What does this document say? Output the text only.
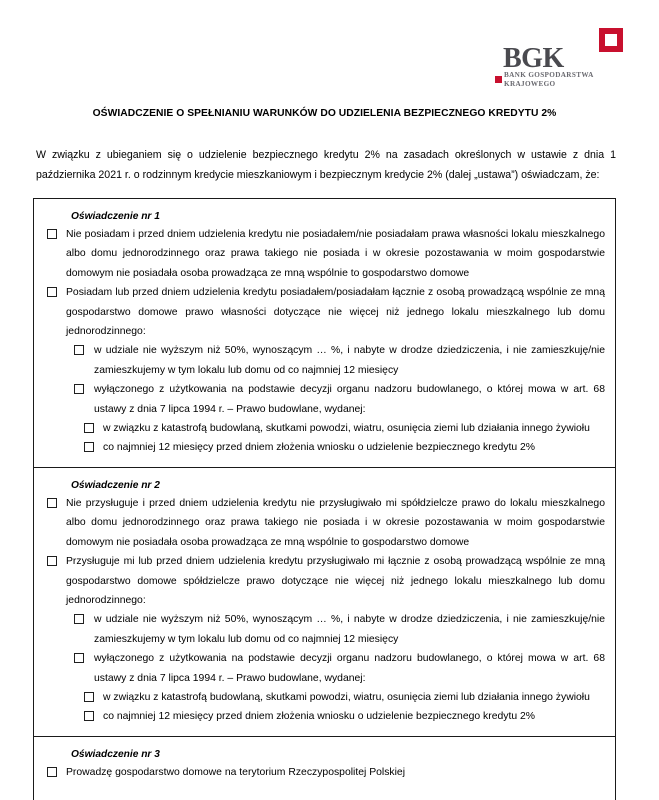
BGK
BANK GOSPODARSTWA
KRAJOWEGO
OŚWIADCZENIE O SPEŁNIANIU WARUNKÓW DO UDZIELENIA BEZPIECZNEGO KREDYTU 2%
W związku z ubieganiem się o udzielenie bezpiecznego kredytu 2% na zasadach określonych w ustawie z dnia 1 października 2021 r. o rodzinnym kredycie mieszkaniowym i bezpiecznym kredycie 2% (dalej „ustawa”) oświadczam, że:
Oświadczenie nr 1
Nie posiadam i przed dniem udzielenia kredytu nie posiadałem/nie posiadałam prawa własności lokalu mieszkalnego albo domu jednorodzinnego oraz prawa takiego nie posiada i w okresie pozostawania w moim gospodarstwie domowym nie posiadała osoba prowadząca ze mną wspólnie to gospodarstwo domowe
Posiadam lub przed dniem udzielenia kredytu posiadałem/posiadałam łącznie z osobą prowadzącą wspólnie ze mną gospodarstwo domowe prawo własności dotyczące nie więcej niż jednego lokalu mieszkalnego lub domu jednorodzinnego:
w udziale nie wyższym niż 50%, wynoszącym … %, i nabyte w drodze dziedziczenia, i nie zamieszkuję/nie zamieszkujemy w tym lokalu lub domu od co najmniej 12 miesięcy
wyłączonego z użytkowania na podstawie decyzji organu nadzoru budowlanego, o której mowa w art. 68 ustawy z dnia 7 lipca 1994 r. – Prawo budowlane, wydanej:
w związku z katastrofą budowlaną, skutkami powodzi, wiatru, osunięcia ziemi lub działania innego żywiołu
co najmniej 12 miesięcy przed dniem złożenia wniosku o udzielenie bezpiecznego kredytu 2%
Oświadczenie nr 2
Nie przysługuje i przed dniem udzielenia kredytu nie przysługiwało mi spółdzielcze prawo do lokalu mieszkalnego albo domu jednorodzinnego oraz prawa takiego nie posiada i w okresie pozostawania w moim gospodarstwie domowym nie posiadała osoba prowadząca ze mną wspólnie to gospodarstwo domowe
Przysługuje mi lub przed dniem udzielenia kredytu przysługiwało mi łącznie z osobą prowadzącą wspólnie ze mną gospodarstwo domowe spółdzielcze prawo dotyczące nie więcej niż jednego lokalu mieszkalnego lub domu jednorodzinnego:
w udziale nie wyższym niż 50%, wynoszącym … %, i nabyte w drodze dziedziczenia, i nie zamieszkuję/nie zamieszkujemy w tym lokalu lub domu od co najmniej 12 miesięcy
wyłączonego z użytkowania na podstawie decyzji organu nadzoru budowlanego, o której mowa w art. 68 ustawy z dnia 7 lipca 1994 r. – Prawo budowlane, wydanej:
w związku z katastrofą budowlaną, skutkami powodzi, wiatru, osunięcia ziemi lub działania innego żywiołu
co najmniej 12 miesięcy przed dniem złożenia wniosku o udzielenie bezpiecznego kredytu 2%
Oświadczenie nr 3
Prowadzę gospodarstwo domowe na terytorium Rzeczypospolitej Polskiej
